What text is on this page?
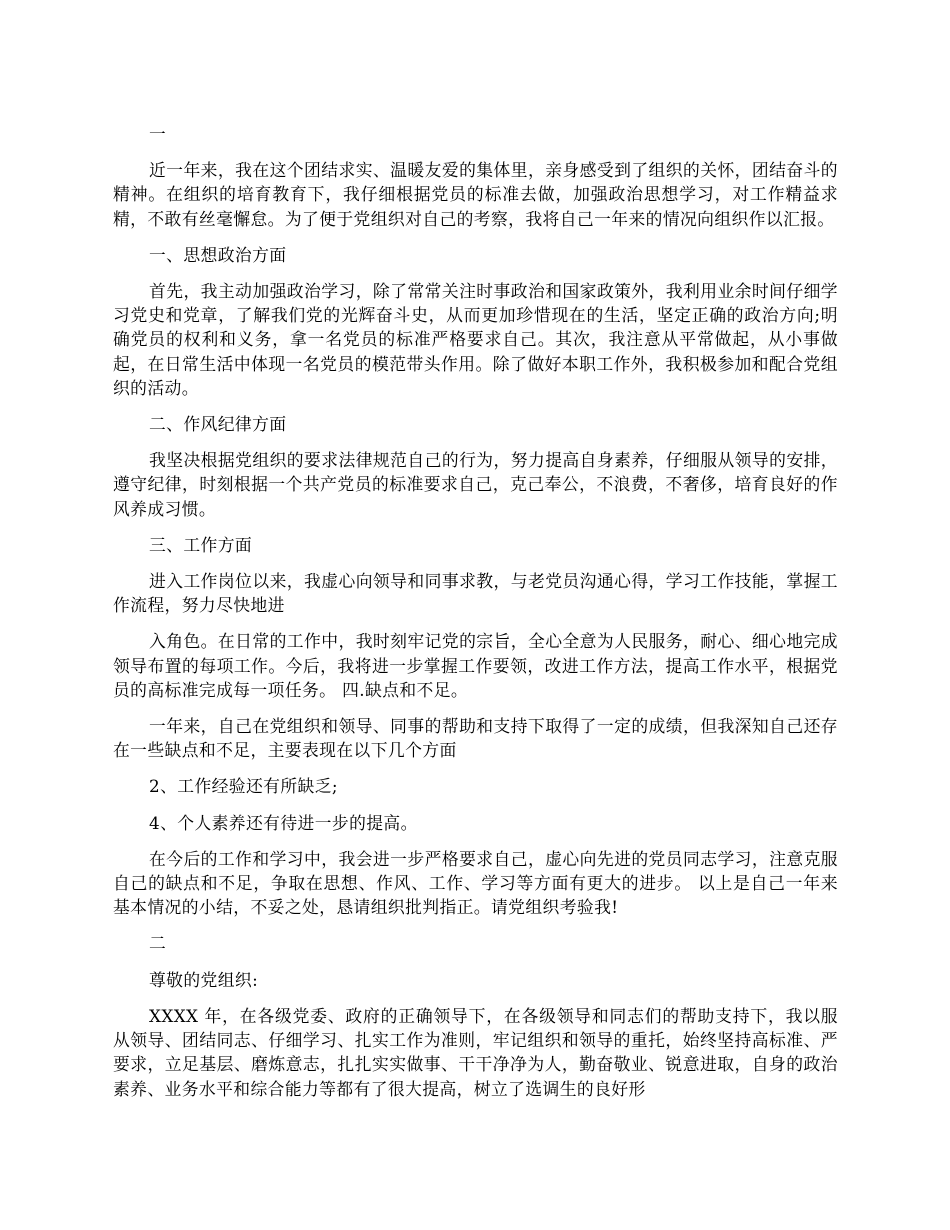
一

近一年来，我在这个团结求实、温暖友爱的集体里，亲身感受到了组织的关怀，团结奋斗的精神。在组织的培育教育下，我仔细根据党员的标准去做，加强政治思想学习，对工作精益求精，不敢有丝毫懈怠。为了便于党组织对自己的考察，我将自己一年来的情况向组织作以汇报。

一、思想政治方面

首先，我主动加强政治学习，除了常常关注时事政治和国家政策外，我利用业余时间仔细学习党史和党章，了解我们党的光辉奋斗史，从而更加珍惜现在的生活，坚定正确的政治方向;明确党员的权利和义务，拿一名党员的标准严格要求自己。其次，我注意从平常做起，从小事做起，在日常生活中体现一名党员的模范带头作用。除了做好本职工作外，我积极参加和配合党组织的活动。

二、作风纪律方面

我坚决根据党组织的要求法律规范自己的行为，努力提高自身素养，仔细服从领导的安排，遵守纪律，时刻根据一个共产党员的标准要求自己，克己奉公，不浪费，不奢侈，培育良好的作风养成习惯。

三、工作方面

进入工作岗位以来，我虚心向领导和同事求教，与老党员沟通心得，学习工作技能，掌握工作流程，努力尽快地进

入角色。在日常的工作中，我时刻牢记党的宗旨，全心全意为人民服务，耐心、细心地完成领导布置的每项工作。今后，我将进一步掌握工作要领，改进工作方法，提高工作水平，根据党员的高标准完成每一项任务。 四.缺点和不足。

一年来，自己在党组织和领导、同事的帮助和支持下取得了一定的成绩，但我深知自己还存在一些缺点和不足，主要表现在以下几个方面

2、工作经验还有所缺乏;

4、个人素养还有待进一步的提高。

在今后的工作和学习中，我会进一步严格要求自己，虚心向先进的党员同志学习，注意克服自己的缺点和不足，争取在思想、作风、工作、学习等方面有更大的进步。 以上是自己一年来基本情况的小结，不妥之处，恳请组织批判指正。请党组织考验我!

二

尊敬的党组织:

XXXX 年，在各级党委、政府的正确领导下，在各级领导和同志们的帮助支持下，我以服从领导、团结同志、仔细学习、扎实工作为准则，牢记组织和领导的重托，始终坚持高标准、严要求，立足基层、磨炼意志，扎扎实实做事、干干净净为人，勤奋敬业、锐意进取，自身的政治素养、业务水平和综合能力等都有了很大提高，树立了选调生的良好形
